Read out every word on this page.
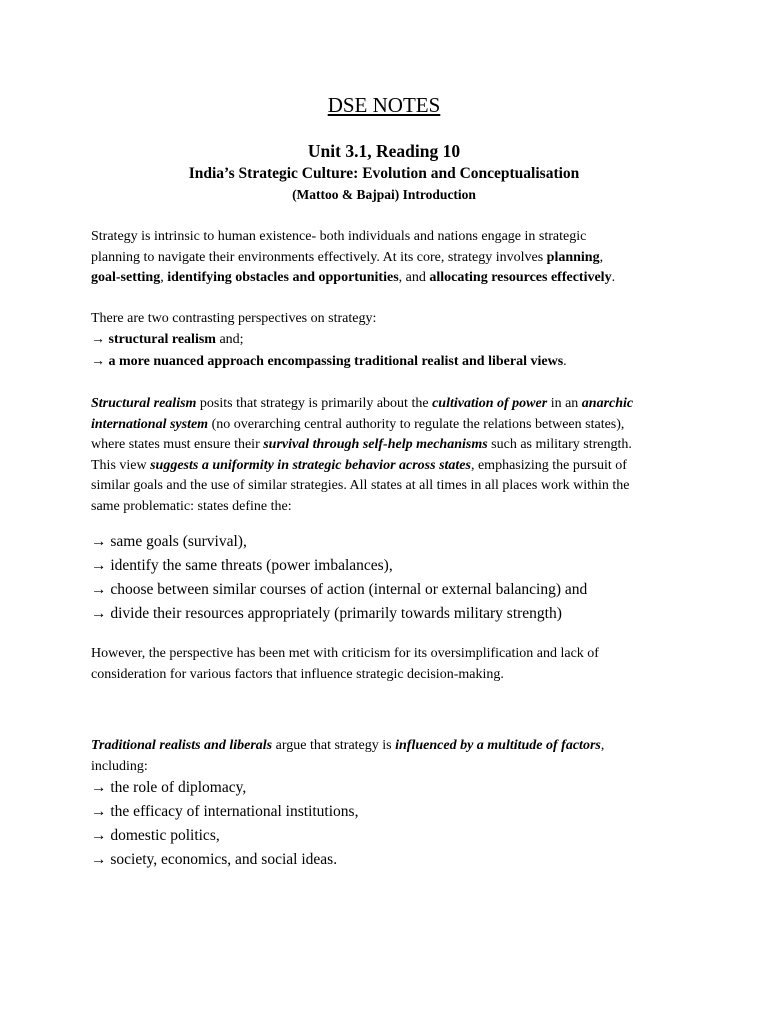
DSE NOTES
Unit 3.1, Reading 10
India’s Strategic Culture: Evolution and Conceptualisation
(Mattoo & Bajpai) Introduction

Strategy is intrinsic to human existence- both individuals and nations engage in strategic
planning to navigate their environments effectively. At its core, strategy involves planning,
goal-setting, identifying obstacles and opportunities, and allocating resources effectively.

There are two contrasting perspectives on strategy:
→ structural realism and;
→ a more nuanced approach encompassing traditional realist and liberal views.

Structural realism posits that strategy is primarily about the cultivation of power in an anarchic
international system (no overarching central authority to regulate the relations between states),
where states must ensure their survival through self-help mechanisms such as military strength.
This view suggests a uniformity in strategic behavior across states, emphasizing the pursuit of
similar goals and the use of similar strategies. All states at all times in all places work within the
same problematic: states define the:

→ same goals (survival),
→ identify the same threats (power imbalances),
→ choose between similar courses of action (internal or external balancing) and
→ divide their resources appropriately (primarily towards military strength)

However, the perspective has been met with criticism for its oversimplification and lack of
consideration for various factors that influence strategic decision-making.

Traditional realists and liberals argue that strategy is influenced by a multitude of factors,
including:

→ the role of diplomacy,
→ the efficacy of international institutions,
→ domestic politics,
→ society, economics, and social ideas.
